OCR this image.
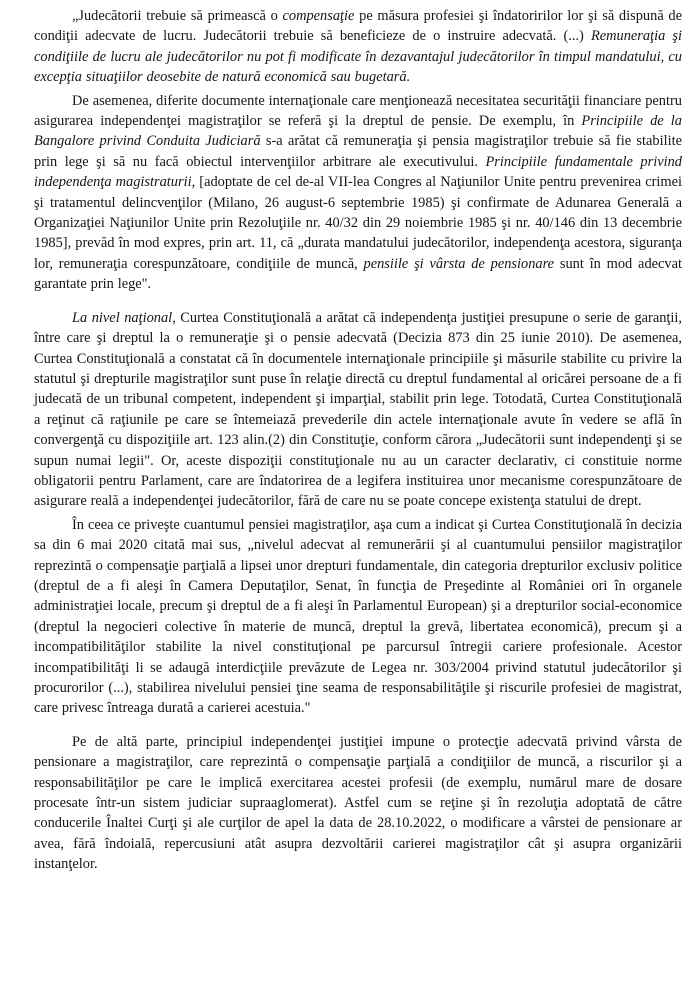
„Judecătorii trebuie să primească o compensaţie pe măsura profesiei şi îndatoririlor lor şi să dispună de condiţii adecvate de lucru. Judecătorii trebuie să beneficieze de o instruire adecvată. (...) Remuneraţia şi condiţiile de lucru ale judecătorilor nu pot fi modificate în dezavantajul judecătorilor în timpul mandatului, cu excepţia situaţiilor deosebite de natură economică sau bugetară.

De asemenea, diferite documente internaţionale care menţionează necesitatea securităţii financiare pentru asigurarea independenţei magistraţilor se referă şi la dreptul de pensie. De exemplu, în Principiile de la Bangalore privind Conduita Judiciară s-a arătat că remuneraţia şi pensia magistraţilor trebuie să fie stabilite prin lege şi să nu facă obiectul intervenţiilor arbitrare ale executivului. Principiile fundamentale privind independenţa magistraturii, [adoptate de cel de-al VII-lea Congres al Naţiunilor Unite pentru prevenirea crimei şi tratamentul delincvenţilor (Milano, 26 august-6 septembrie 1985) şi confirmate de Adunarea Generală a Organizaţiei Naţiunilor Unite prin Rezoluţiile nr. 40/32 din 29 noiembrie 1985 şi nr. 40/146 din 13 decembrie 1985], prevăd în mod expres, prin art. 11, că „durata mandatului judecătorilor, independenţa acestora, siguranţa lor, remuneraţia corespunzătoare, condiţiile de muncă, pensiile şi vârsta de pensionare sunt în mod adecvat garantate prin lege".

La nivel naţional, Curtea Constituţională a arătat că independenţa justiţiei presupune o serie de garanţii, între care şi dreptul la o remuneraţie şi o pensie adecvată (Decizia 873 din 25 iunie 2010). De asemenea, Curtea Constituţională a constatat că în documentele internaţionale principiile şi măsurile stabilite cu privire la statutul şi drepturile magistraţilor sunt puse în relaţie directă cu dreptul fundamental al oricărei persoane de a fi judecată de un tribunal competent, independent şi imparţial, stabilit prin lege. Totodată, Curtea Constituţională a reţinut că raţiunile pe care se întemeiază prevederile din actele internaţionale avute în vedere se află în convergenţă cu dispoziţiile art. 123 alin.(2) din Constituţie, conform cărora „Judecătorii sunt independenţi şi se supun numai legii". Or, aceste dispoziţii constituţionale nu au un caracter declarativ, ci constituie norme obligatorii pentru Parlament, care are îndatorirea de a legifera instituirea unor mecanisme corespunzătoare de asigurare reală a independenţei judecătorilor, fără de care nu se poate concepe existenţa statului de drept.

În ceea ce priveşte cuantumul pensiei magistraţilor, aşa cum a indicat şi Curtea Constituţională în decizia sa din 6 mai 2020 citată mai sus, „nivelul adecvat al remunerării şi al cuantumului pensiilor magistraţilor reprezintă o compensaţie parţială a lipsei unor drepturi fundamentale, din categoria drepturilor exclusiv politice (dreptul de a fi aleşi în Camera Deputaţilor, Senat, în funcţia de Preşedinte al României ori în organele administraţiei locale, precum şi dreptul de a fi aleşi în Parlamentul European) şi a drepturilor social-economice (dreptul la negocieri colective în materie de muncă, dreptul la grevă, libertatea economică), precum şi a incompatibilităţilor stabilite la nivel constituţional pe parcursul întregii cariere profesionale. Acestor incompatibilităţi li se adaugă interdicţiile prevăzute de Legea nr. 303/2004 privind statutul judecătorilor şi procurorilor (...), stabilirea nivelului pensiei ţine seama de responsabilităţile şi riscurile profesiei de magistrat, care privesc întreaga durată a carierei acestuia."

Pe de altă parte, principiul independenţei justiţiei impune o protecţie adecvată privind vârsta de pensionare a magistraţilor, care reprezintă o compensaţie parţială a condiţiilor de muncă, a riscurilor şi a responsabilităţilor pe care le implică exercitarea acestei profesii (de exemplu, numărul mare de dosare procesate într-un sistem judiciar supraaglomerat). Astfel cum se reţine şi în rezoluţia adoptată de către conducerile Înaltei Curţi şi ale curţilor de apel la data de 28.10.2022, o modificare a vârstei de pensionare ar avea, fără îndoială, repercusiuni atât asupra dezvoltării carierei magistraţilor cât şi asupra organizării instanţelor.
